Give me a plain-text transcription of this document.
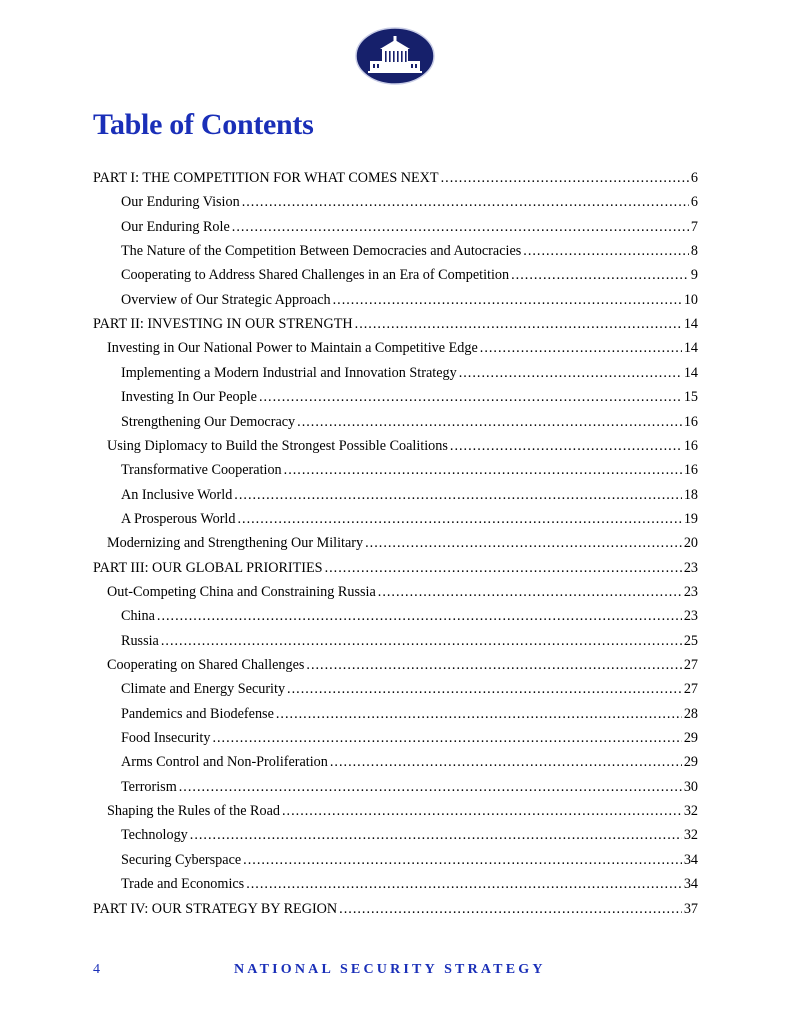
Table of Contents
PART I: THE COMPETITION FOR WHAT COMES NEXT .....	6
Our Enduring Vision .....	6
Our Enduring Role .....	7
The Nature of the Competition Between Democracies and Autocracies .....	8
Cooperating to Address Shared Challenges in an Era of Competition .....	9
Overview of Our Strategic Approach .....	10
PART II: INVESTING IN OUR STRENGTH .....	14
Investing in Our National Power to Maintain a Competitive Edge .....	14
Implementing a Modern Industrial and Innovation Strategy .....	14
Investing In Our People .....	15
Strengthening Our Democracy .....	16
Using Diplomacy to Build the Strongest Possible Coalitions .....	16
Transformative Cooperation .....	16
An Inclusive World .....	18
A Prosperous World .....	19
Modernizing and Strengthening Our Military .....	20
PART III: OUR GLOBAL PRIORITIES .....	23
Out-Competing China and Constraining Russia .....	23
China .....	23
Russia .....	25
Cooperating on Shared Challenges .....	27
Climate and Energy Security .....	27
Pandemics and Biodefense .....	28
Food Insecurity .....	29
Arms Control and Non-Proliferation .....	29
Terrorism .....	30
Shaping the Rules of the Road .....	32
Technology .....	32
Securing Cyberspace .....	34
Trade and Economics .....	34
PART IV: OUR STRATEGY BY REGION .....	37
4	NATIONAL SECURITY STRATEGY
